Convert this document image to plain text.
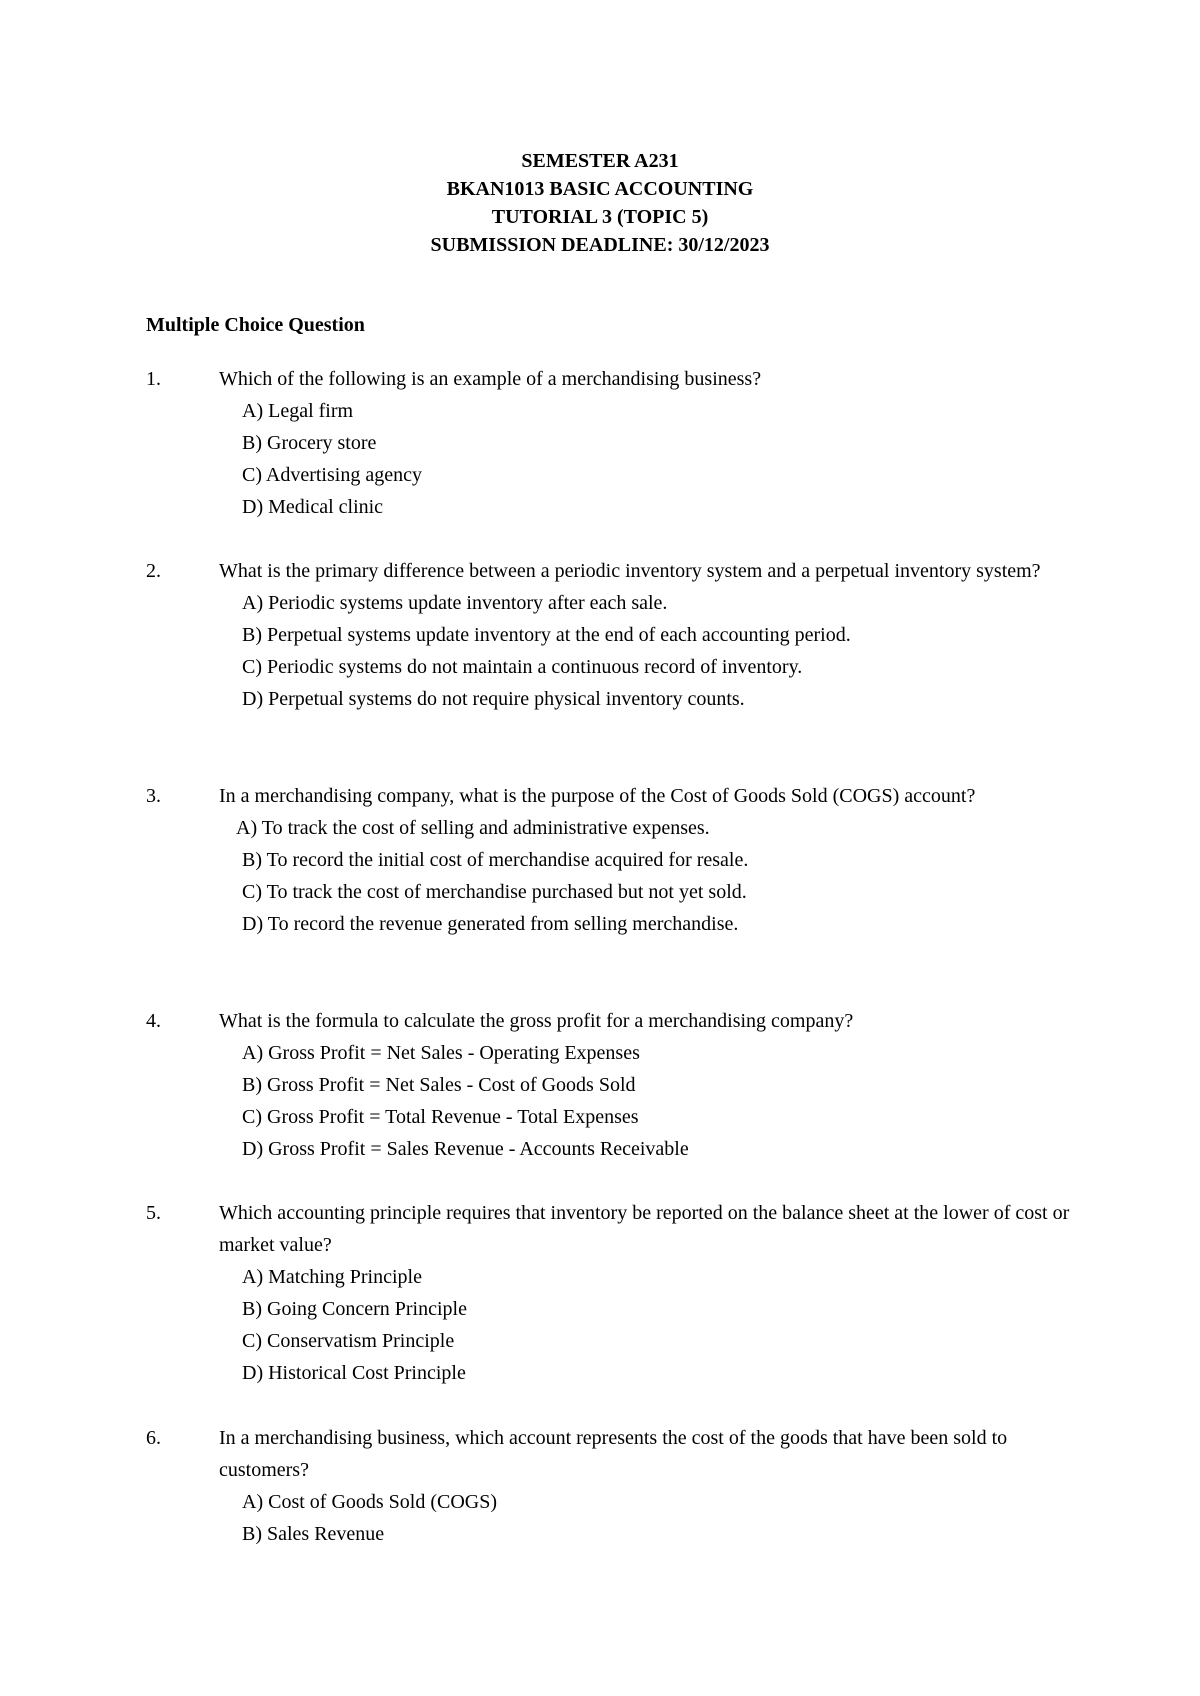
SEMESTER A231
BKAN1013 BASIC ACCOUNTING
TUTORIAL 3 (TOPIC 5)
SUBMISSION DEADLINE: 30/12/2023
Multiple Choice Question
1.	Which of the following is an example of a merchandising business?
A) Legal firm
B) Grocery store
C) Advertising agency
D) Medical clinic
2.	What is the primary difference between a periodic inventory system and a perpetual inventory system?
A) Periodic systems update inventory after each sale.
B) Perpetual systems update inventory at the end of each accounting period.
C) Periodic systems do not maintain a continuous record of inventory.
D) Perpetual systems do not require physical inventory counts.
3.	In a merchandising company, what is the purpose of the Cost of Goods Sold (COGS) account?
A) To track the cost of selling and administrative expenses.
B) To record the initial cost of merchandise acquired for resale.
C) To track the cost of merchandise purchased but not yet sold.
D) To record the revenue generated from selling merchandise.
4.	What is the formula to calculate the gross profit for a merchandising company?
A) Gross Profit = Net Sales - Operating Expenses
B) Gross Profit = Net Sales - Cost of Goods Sold
C) Gross Profit = Total Revenue - Total Expenses
D) Gross Profit = Sales Revenue - Accounts Receivable
5.	Which accounting principle requires that inventory be reported on the balance sheet at the lower of cost or market value?
A) Matching Principle
B) Going Concern Principle
C) Conservatism Principle
D) Historical Cost Principle
6.	In a merchandising business, which account represents the cost of the goods that have been sold to customers?
A) Cost of Goods Sold (COGS)
B) Sales Revenue
